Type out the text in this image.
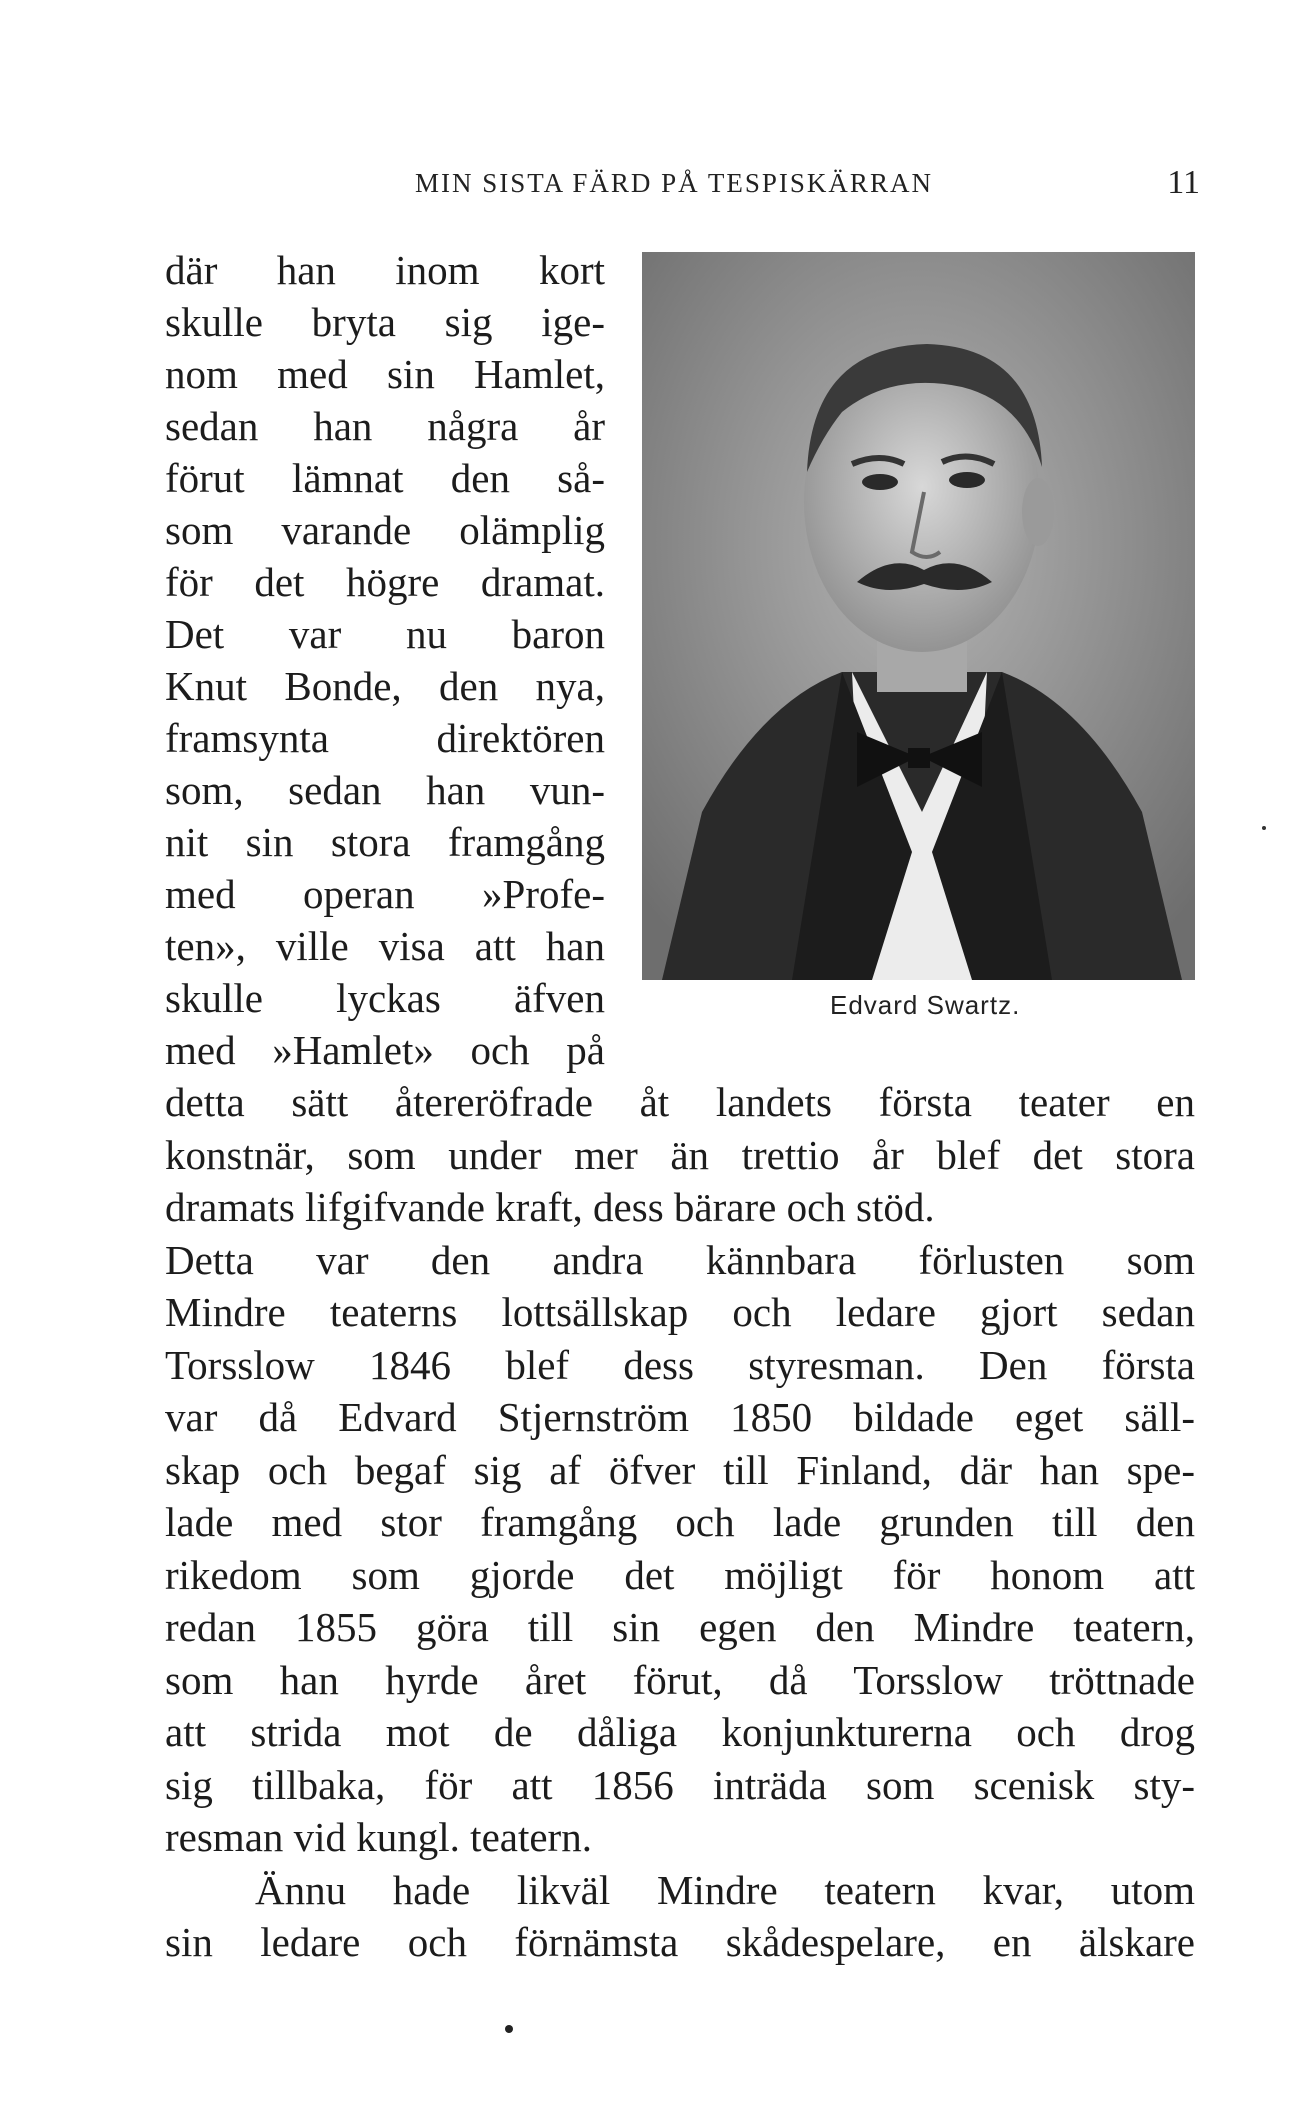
MIN SISTA FÄRD PÅ TESPISKÄRRAN	11
där han inom kort
skulle bryta sig ige-
nom med sin Hamlet,
sedan han några år
förut lämnat den så-
som varande olämplig
för det högre dramat.
Det var nu baron
Knut Bonde, den nya,
framsynta direktören
som, sedan han vun-
nit sin stora framgång
med operan »Profe-
ten», ville visa att han
skulle lyckas äfven
med »Hamlet» och på
Edvard Swartz.
detta sätt återeröfrade åt landets första teater en
konstnär, som under mer än trettio år blef det stora
dramats lifgifvande kraft, dess bärare och stöd.
Detta var den andra kännbara förlusten som
Mindre teaterns lottsällskap och ledare gjort sedan
Torsslow 1846 blef dess styresman. Den första
var då Edvard Stjernström 1850 bildade eget säll-
skap och begaf sig af öfver till Finland, där han spe-
lade med stor framgång och lade grunden till den
rikedom som gjorde det möjligt för honom att
redan 1855 göra till sin egen den Mindre teatern,
som han hyrde året förut, då Torsslow tröttnade
att strida mot de dåliga konjunkturerna och drog
sig tillbaka, för att 1856 inträda som scenisk sty-
resman vid kungl. teatern.
Ännu hade likväl Mindre teatern kvar, utom
sin ledare och förnämsta skådespelare, en älskare
